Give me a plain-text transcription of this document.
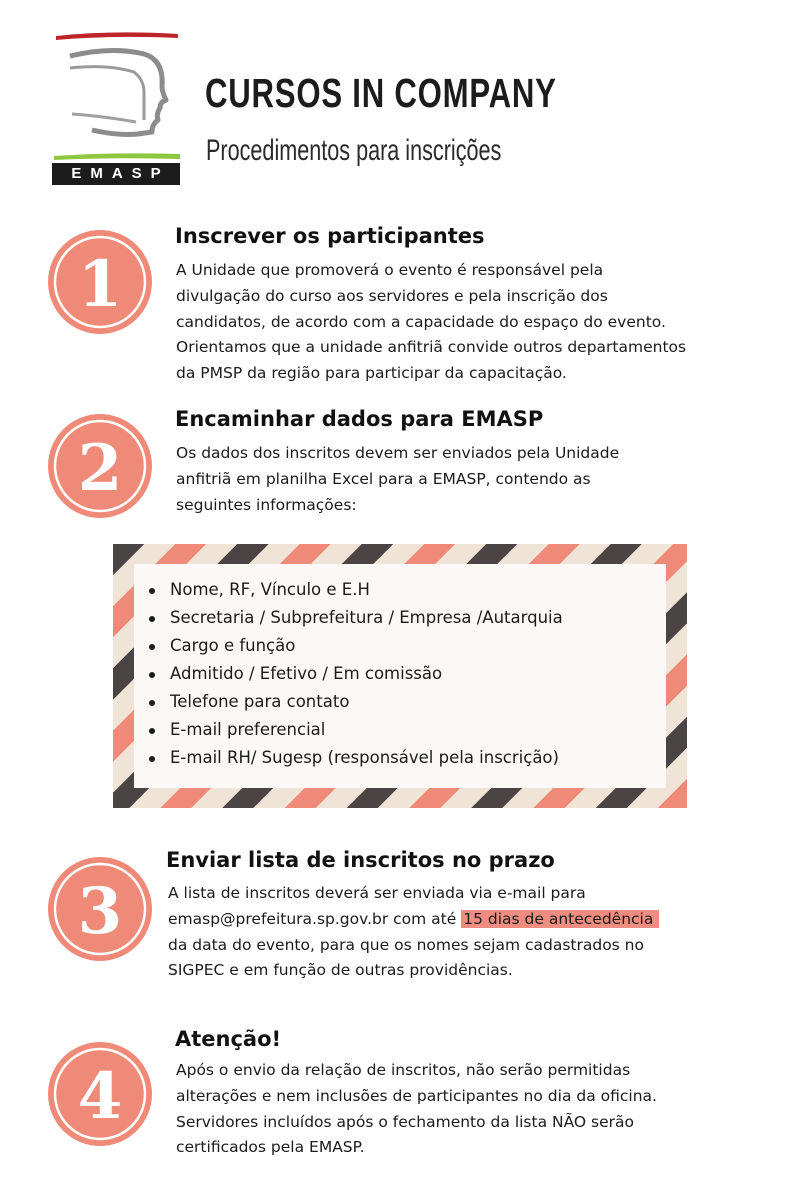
EMASP
CURSOS IN COMPANY
Procedimentos para inscrições
1
Inscrever os participantes

A Unidade que promoverá o evento é responsável pela
divulgação do curso aos servidores e pela inscrição dos
candidatos, de acordo com a capacidade do espaço do evento.
Orientamos que a unidade anfitriã convide outros departamentos
da PMSP da região para participar da capacitação.

2
Encaminhar dados para EMASP

Os dados dos inscritos devem ser enviados pela Unidade
anfitriã em planilha Excel para a EMASP, contendo as
seguintes informações:

Nome, RF, Vínculo e E.H
Secretaria / Subprefeitura / Empresa /Autarquia
Cargo e função
Admitido / Efetivo / Em comissão
Telefone para contato
E-mail preferencial
E-mail RH/ Sugesp (responsável pela inscrição)
3
Enviar lista de inscritos no prazo

A lista de inscritos deverá ser enviada via e-mail para
emasp@prefeitura.sp.gov.br com até 15 dias de antecedência
da data do evento, para que os nomes sejam cadastrados no
SIGPEC e em função de outras providências.

4
Atenção!

Após o envio da relação de inscritos, não serão permitidas
alterações e nem inclusões de participantes no dia da oficina.
Servidores incluídos após o fechamento da lista NÃO serão
certificados pela EMASP.
